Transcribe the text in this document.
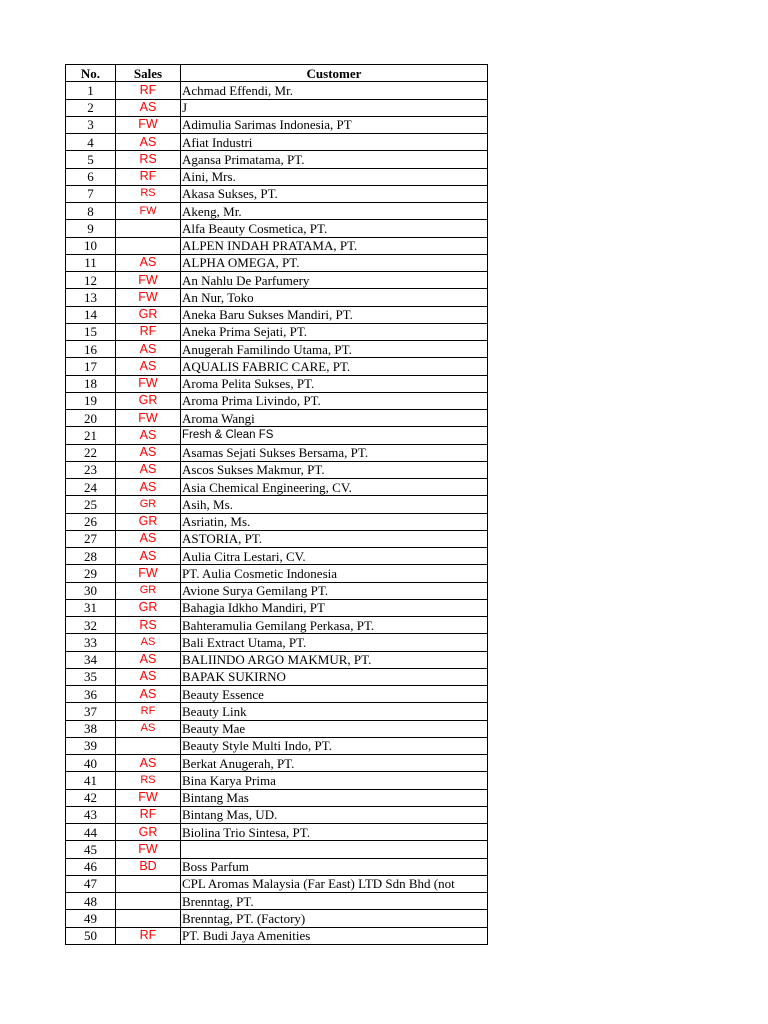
No.	Sales	Customer
1	RF	Achmad Effendi, Mr.
2	AS	J
3	FW	Adimulia Sarimas Indonesia, PT
4	AS	Afiat Industri
5	RS	Agansa Primatama, PT.
6	RF	Aini, Mrs.
7	RS	Akasa Sukses, PT.
8	FW	Akeng, Mr.
9		Alfa Beauty Cosmetica, PT.
10		ALPEN INDAH PRATAMA, PT.
11	AS	ALPHA OMEGA, PT.
12	FW	An Nahlu De Parfumery
13	FW	An Nur, Toko
14	GR	Aneka Baru Sukses Mandiri, PT.
15	RF	Aneka Prima Sejati, PT.
16	AS	Anugerah Familindo Utama, PT.
17	AS	AQUALIS FABRIC CARE, PT.
18	FW	Aroma Pelita Sukses, PT.
19	GR	Aroma Prima Livindo, PT.
20	FW	Aroma Wangi
21	AS	Fresh & Clean FS
22	AS	Asamas Sejati Sukses Bersama, PT.
23	AS	Ascos Sukses Makmur, PT.
24	AS	Asia Chemical Engineering, CV.
25	GR	Asih, Ms.
26	GR	Asriatin, Ms.
27	AS	ASTORIA, PT.
28	AS	Aulia Citra Lestari, CV.
29	FW	PT. Aulia Cosmetic Indonesia
30	GR	Avione Surya Gemilang PT.
31	GR	Bahagia Idkho Mandiri, PT
32	RS	Bahteramulia Gemilang Perkasa, PT.
33	AS	Bali Extract Utama, PT.
34	AS	BALIINDO ARGO MAKMUR, PT.
35	AS	BAPAK SUKIRNO
36	AS	Beauty Essence
37	RF	Beauty Link
38	AS	Beauty Mae
39		Beauty Style Multi Indo, PT.
40	AS	Berkat Anugerah, PT.
41	RS	Bina Karya Prima
42	FW	Bintang Mas
43	RF	Bintang Mas, UD.
44	GR	Biolina Trio Sintesa, PT.
45	FW	
46	BD	Boss Parfum
47		CPL Aromas Malaysia (Far East) LTD Sdn Bhd (not
48		Brenntag, PT.
49		Brenntag, PT. (Factory)
50	RF	PT. Budi Jaya Amenities
